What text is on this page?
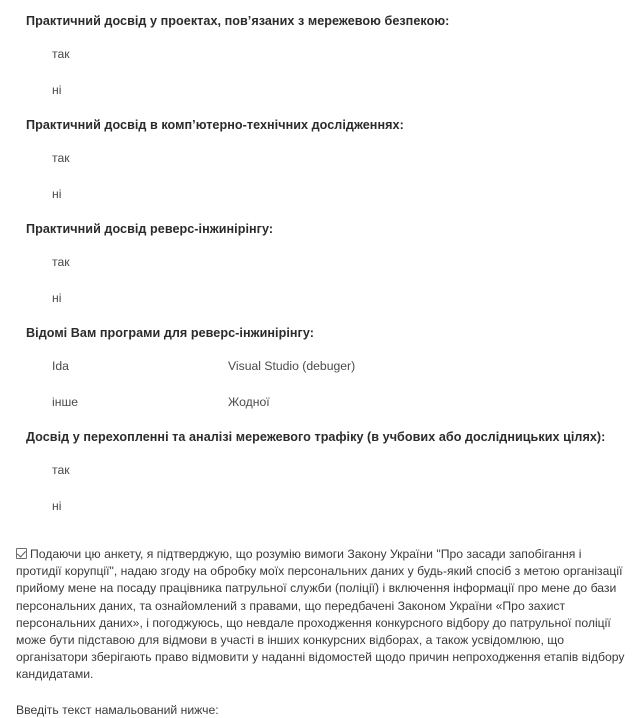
Практичний досвід у проектах, пов’язаних з мережевою безпекою:
так
ні
Практичний досвід в комп’ютерно-технічних дослідженнях:
так
ні
Практичний досвід реверс-інжинірінгу:
так
ні
Відомі Вам програми для реверс-інжинірінгу:
Ida	Visual Studio (debuger)
інше	Жодної
Досвід у перехопленні та аналізі мережевого трафіку (в учбових або дослідницьких цілях):
так
ні

Подаючи цю анкету, я підтверджую, що розумію вимоги Закону України "Про засади запобігання і протидії корупції", надаю згоду на обробку моїх персональних даних у будь-який спосіб з метою організації прийому мене на посаду працівника патрульної служби (поліції) і включення інформації про мене до бази персональних даних, та ознайомлений з правами, що передбачені Законом України «Про захист персональних даних», і погоджуюсь, що невдале проходження конкурсного відбору до патрульної поліції може бути підставою для відмови в участі в інших конкурсних відборах, а також усвідомлюю, що організатори зберігають право відмовити у наданні відомостей щодо причин непроходження етапів відбору кандидатами.

Введіть текст намальований нижче:
